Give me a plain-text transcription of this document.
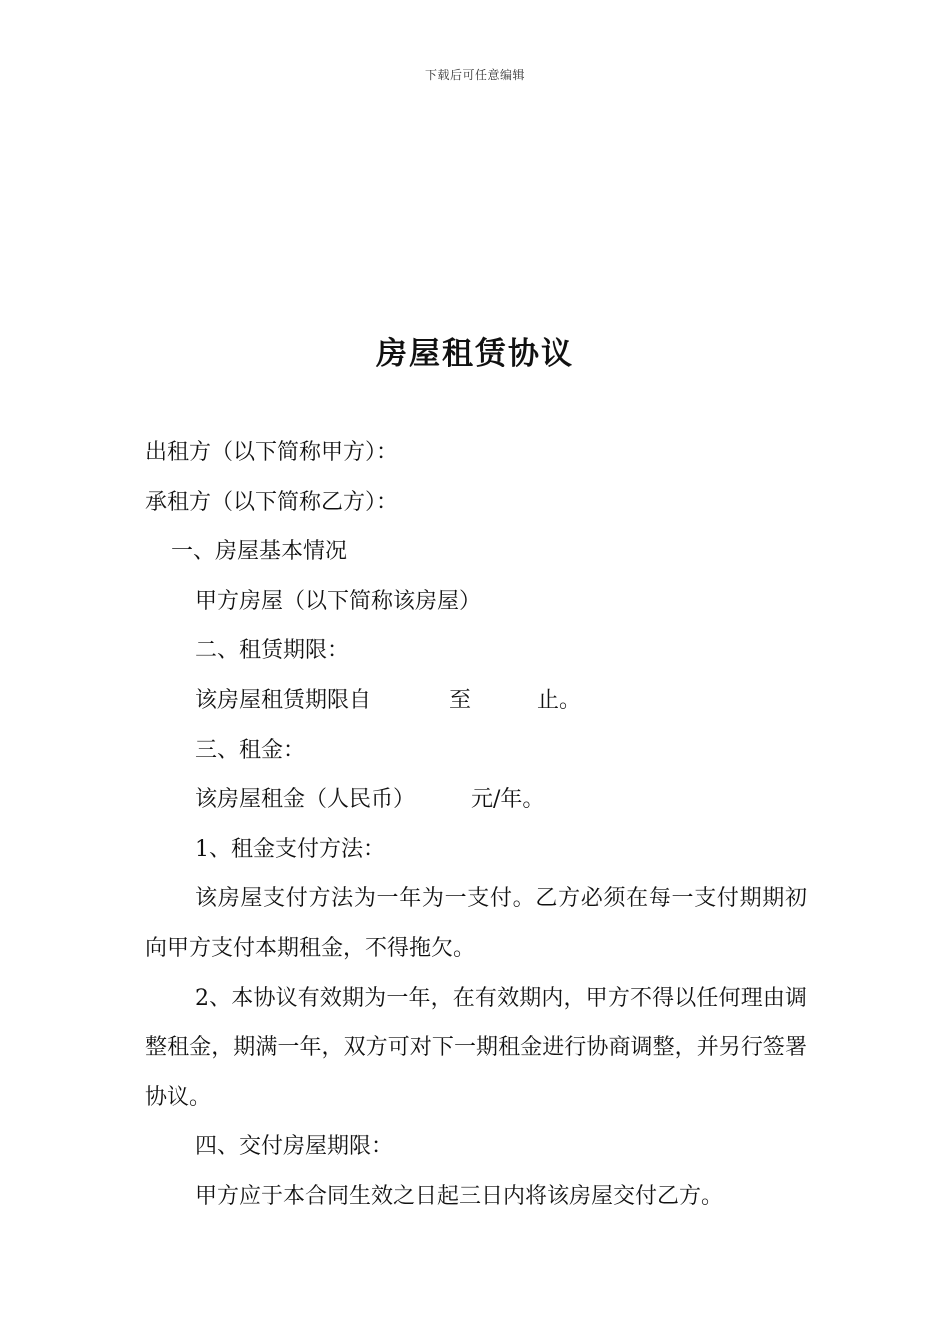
下载后可任意编辑
房屋租赁协议
出租方（以下简称甲方）：
承租方（以下简称乙方）：
一、房屋基本情况
甲方房屋（以下简称该房屋）
二、租赁期限：
该房屋租赁期限自	至	止。
三、租金：
该房屋租金（人民币）	元/年。
1、租金支付方法：
该房屋支付方法为一年为一支付。乙方必须在每一支付期期初向甲方支付本期租金，不得拖欠。
2、本协议有效期为一年，在有效期内，甲方不得以任何理由调整租金，期满一年，双方可对下一期租金进行协商调整，并另行签署协议。
四、交付房屋期限：
甲方应于本合同生效之日起三日内将该房屋交付乙方。
